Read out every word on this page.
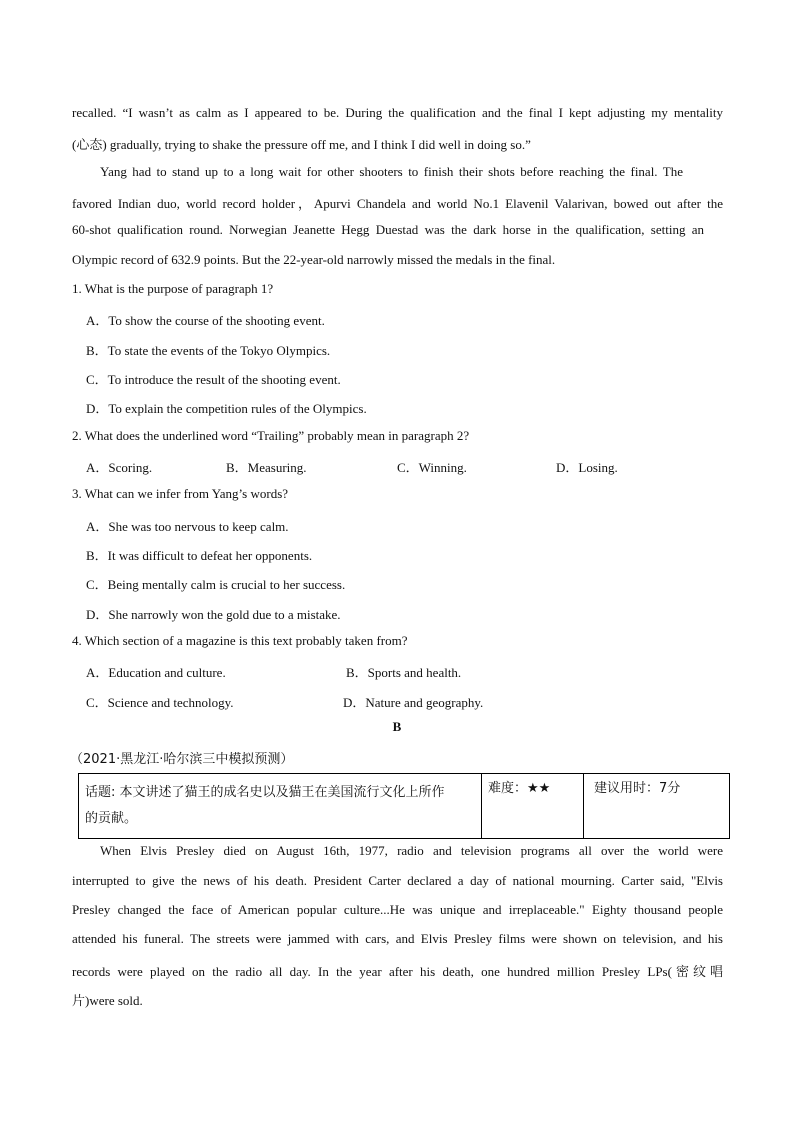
recalled. “I wasn’t as calm as I appeared to be. During the qualification and the final I kept adjusting my mentality
(心态) gradually, trying to shake the pressure off me, and I think I did well in doing so.”
Yang had to stand up to a long wait for other shooters to finish their shots before reaching the final. The
favored Indian duo, world record holder，Apurvi Chandela and world No.1 Elavenil Valarivan, bowed out after the
60-shot qualification round. Norwegian Jeanette Hegg Duestad was the dark horse in the qualification, setting an
Olympic record of 632.9 points. But the 22-year-old narrowly missed the medals in the final.
1. What is the purpose of paragraph 1?
A．To show the course of the shooting event.
B．To state the events of the Tokyo Olympics.
C．To introduce the result of the shooting event.
D．To explain the competition rules of the Olympics.
2. What does the underlined word “Trailing” probably mean in paragraph 2?
A．Scoring.	B．Measuring.	C．Winning.	D．Losing.
3. What can we infer from Yang’s words?
A．She was too nervous to keep calm.
B．It was difficult to defeat her opponents.
C．Being mentally calm is crucial to her success.
D．She narrowly won the gold due to a mistake.
4. Which section of a magazine is this text probably taken from?
A．Education and culture.	B．Sports and health.
C．Science and technology.	D．Nature and geography.
B
（2021·黑龙江·哈尔滨三中模拟预测）
话题: 本文讲述了猫王的成名史以及猫王在美国流行文化上所作
的贡献。
	难度：★★	建议用时：7分
When Elvis Presley died on August 16th, 1977, radio and television programs all over the world were
interrupted to give the news of his death. President Carter declared a day of national mourning. Carter said, "Elvis
Presley changed the face of American popular culture...He was unique and irreplaceable." Eighty thousand people
attended his funeral. The streets were jammed with cars, and Elvis Presley films were shown on television, and his
records were played on the radio all day. In the year after his death, one hundred million Presley LPs(密纹唱
片)were sold.
